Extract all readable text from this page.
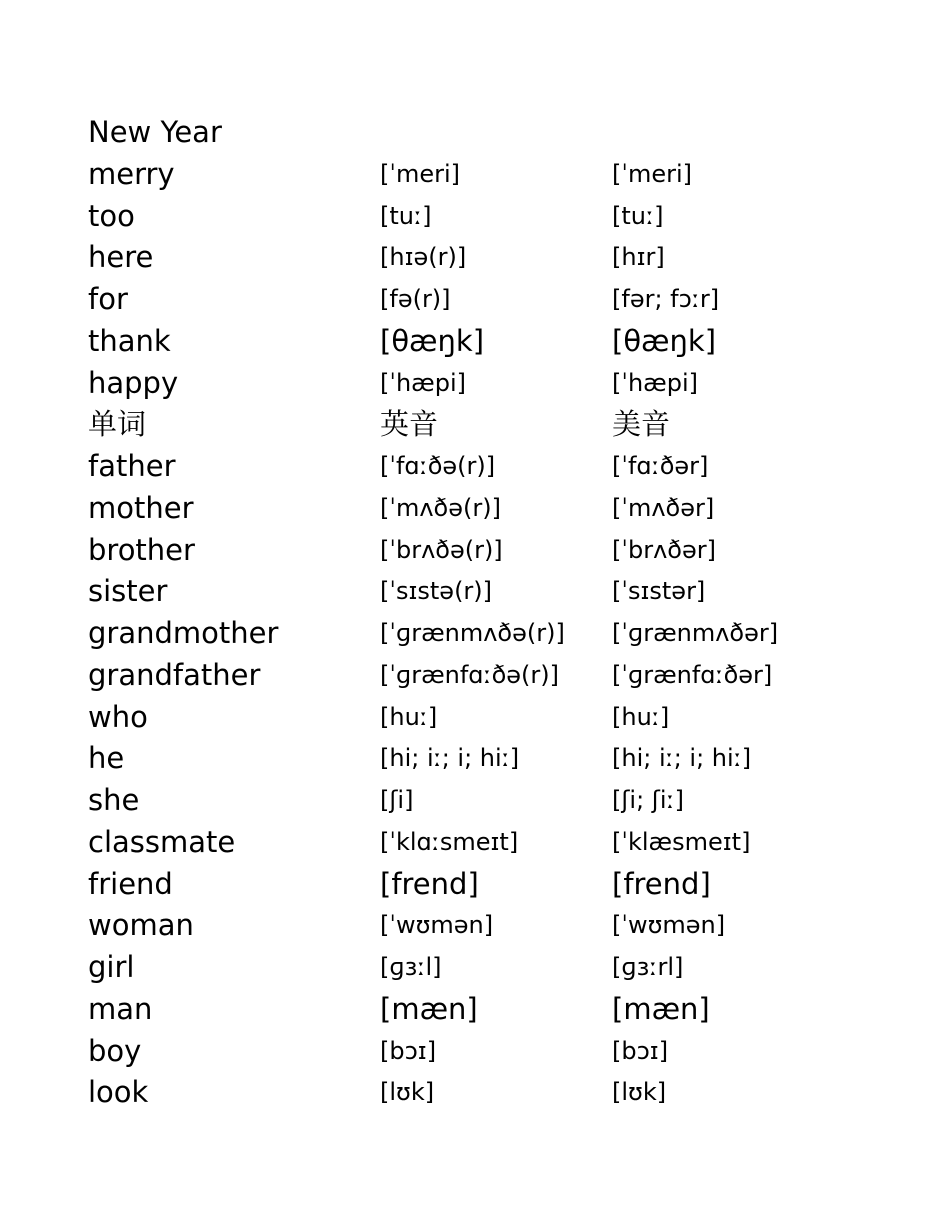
New Year
merry	[ˈmeri]	[ˈmeri]
too	[tuː]	[tuː]
here	[hɪə(r)]	[hɪr]
for	[fə(r)]	[fər; fɔːr]
thank	[θæŋk]	[θæŋk]
happy	[ˈhæpi]	[ˈhæpi]
单词	英音	美音
father	[ˈfɑːðə(r)]	[ˈfɑːðər]
mother	[ˈmʌðə(r)]	[ˈmʌðər]
brother	[ˈbrʌðə(r)]	[ˈbrʌðər]
sister	[ˈsɪstə(r)]	[ˈsɪstər]
grandmother	[ˈɡrænmʌðə(r)] [ˈɡrænmʌðər]
grandfather	[ˈɡrænfɑːðə(r)] [ˈɡrænfɑːðər]
who	[huː]	[huː]
he	[hi; iː; i; hiː]	[hi; iː; i; hiː]
she	[ʃi]	[ʃi; ʃiː]
classmate	[ˈklɑːsmeɪt]	[ˈklæsmeɪt]
friend	[frend]	[frend]
woman	[ˈwʊmən]	[ˈwʊmən]
girl	[ɡɜːl]	[ɡɜːrl]
man	[mæn]	[mæn]
boy	[bɔɪ]	[bɔɪ]
look	[lʊk]	[lʊk]
